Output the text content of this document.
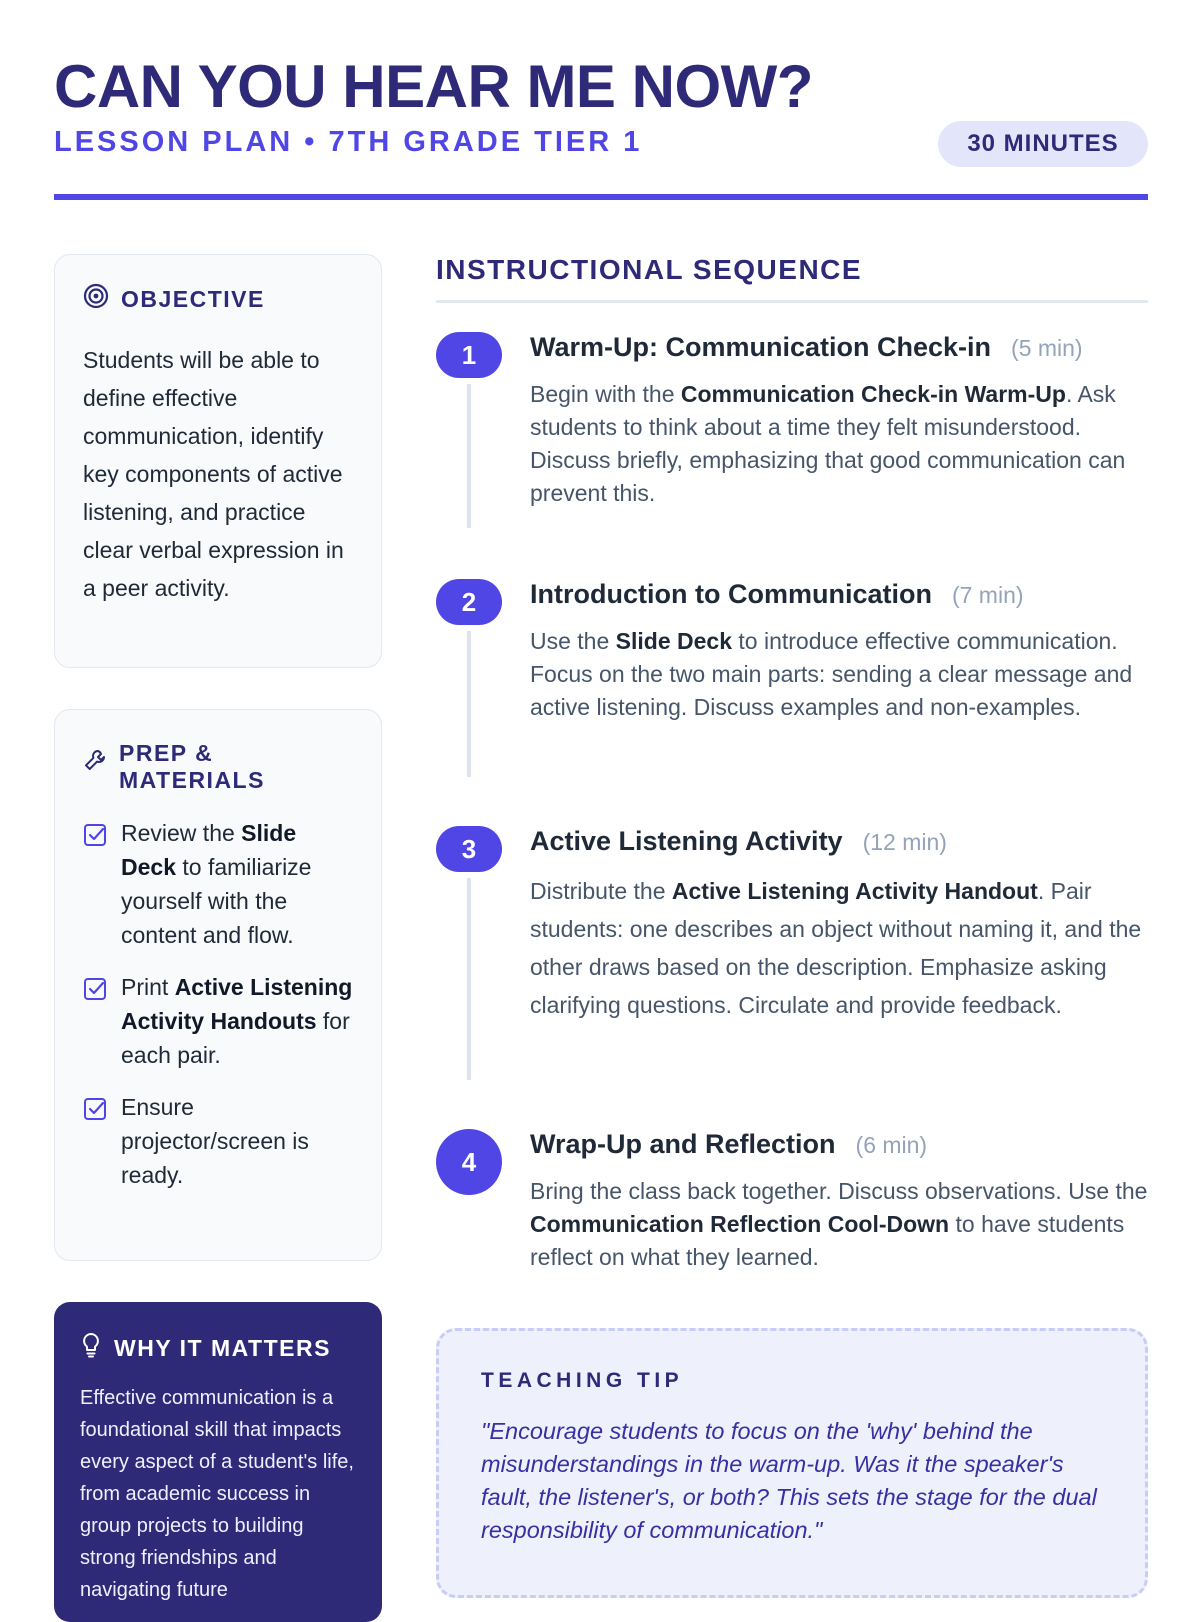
CAN YOU HEAR ME NOW?
LESSON PLAN • 7TH GRADE TIER 1	30 MINUTES
OBJECTIVE
Students will be able to define effective communication, identify key components of active listening, and practice clear verbal expression in a peer activity.
PREP &
MATERIALS
Review the Slide Deck to familiarize yourself with the content and flow.
Print Active Listening Activity Handouts for each pair.
Ensure projector/screen is ready.
WHY IT MATTERS
Effective communication is a foundational skill that impacts every aspect of a student's life, from academic success in group projects to building strong friendships and navigating future
INSTRUCTIONAL SEQUENCE
1	Warm-Up: Communication Check-in (5 min)
Begin with the Communication Check-in Warm-Up. Ask students to think about a time they felt misunderstood. Discuss briefly, emphasizing that good communication can prevent this.
2	Introduction to Communication (7 min)
Use the Slide Deck to introduce effective communication. Focus on the two main parts: sending a clear message and active listening. Discuss examples and non-examples.
3	Active Listening Activity (12 min)
Distribute the Active Listening Activity Handout. Pair students: one describes an object without naming it, and the other draws based on the description. Emphasize asking clarifying questions. Circulate and provide feedback.
4
Wrap-Up and Reflection (6 min)
Bring the class back together. Discuss observations. Use the Communication Reflection Cool-Down to have students reflect on what they learned.
TEACHING TIP
"Encourage students to focus on the 'why' behind the misunderstandings in the warm-up. Was it the speaker's fault, the listener's, or both? This sets the stage for the dual responsibility of communication."
